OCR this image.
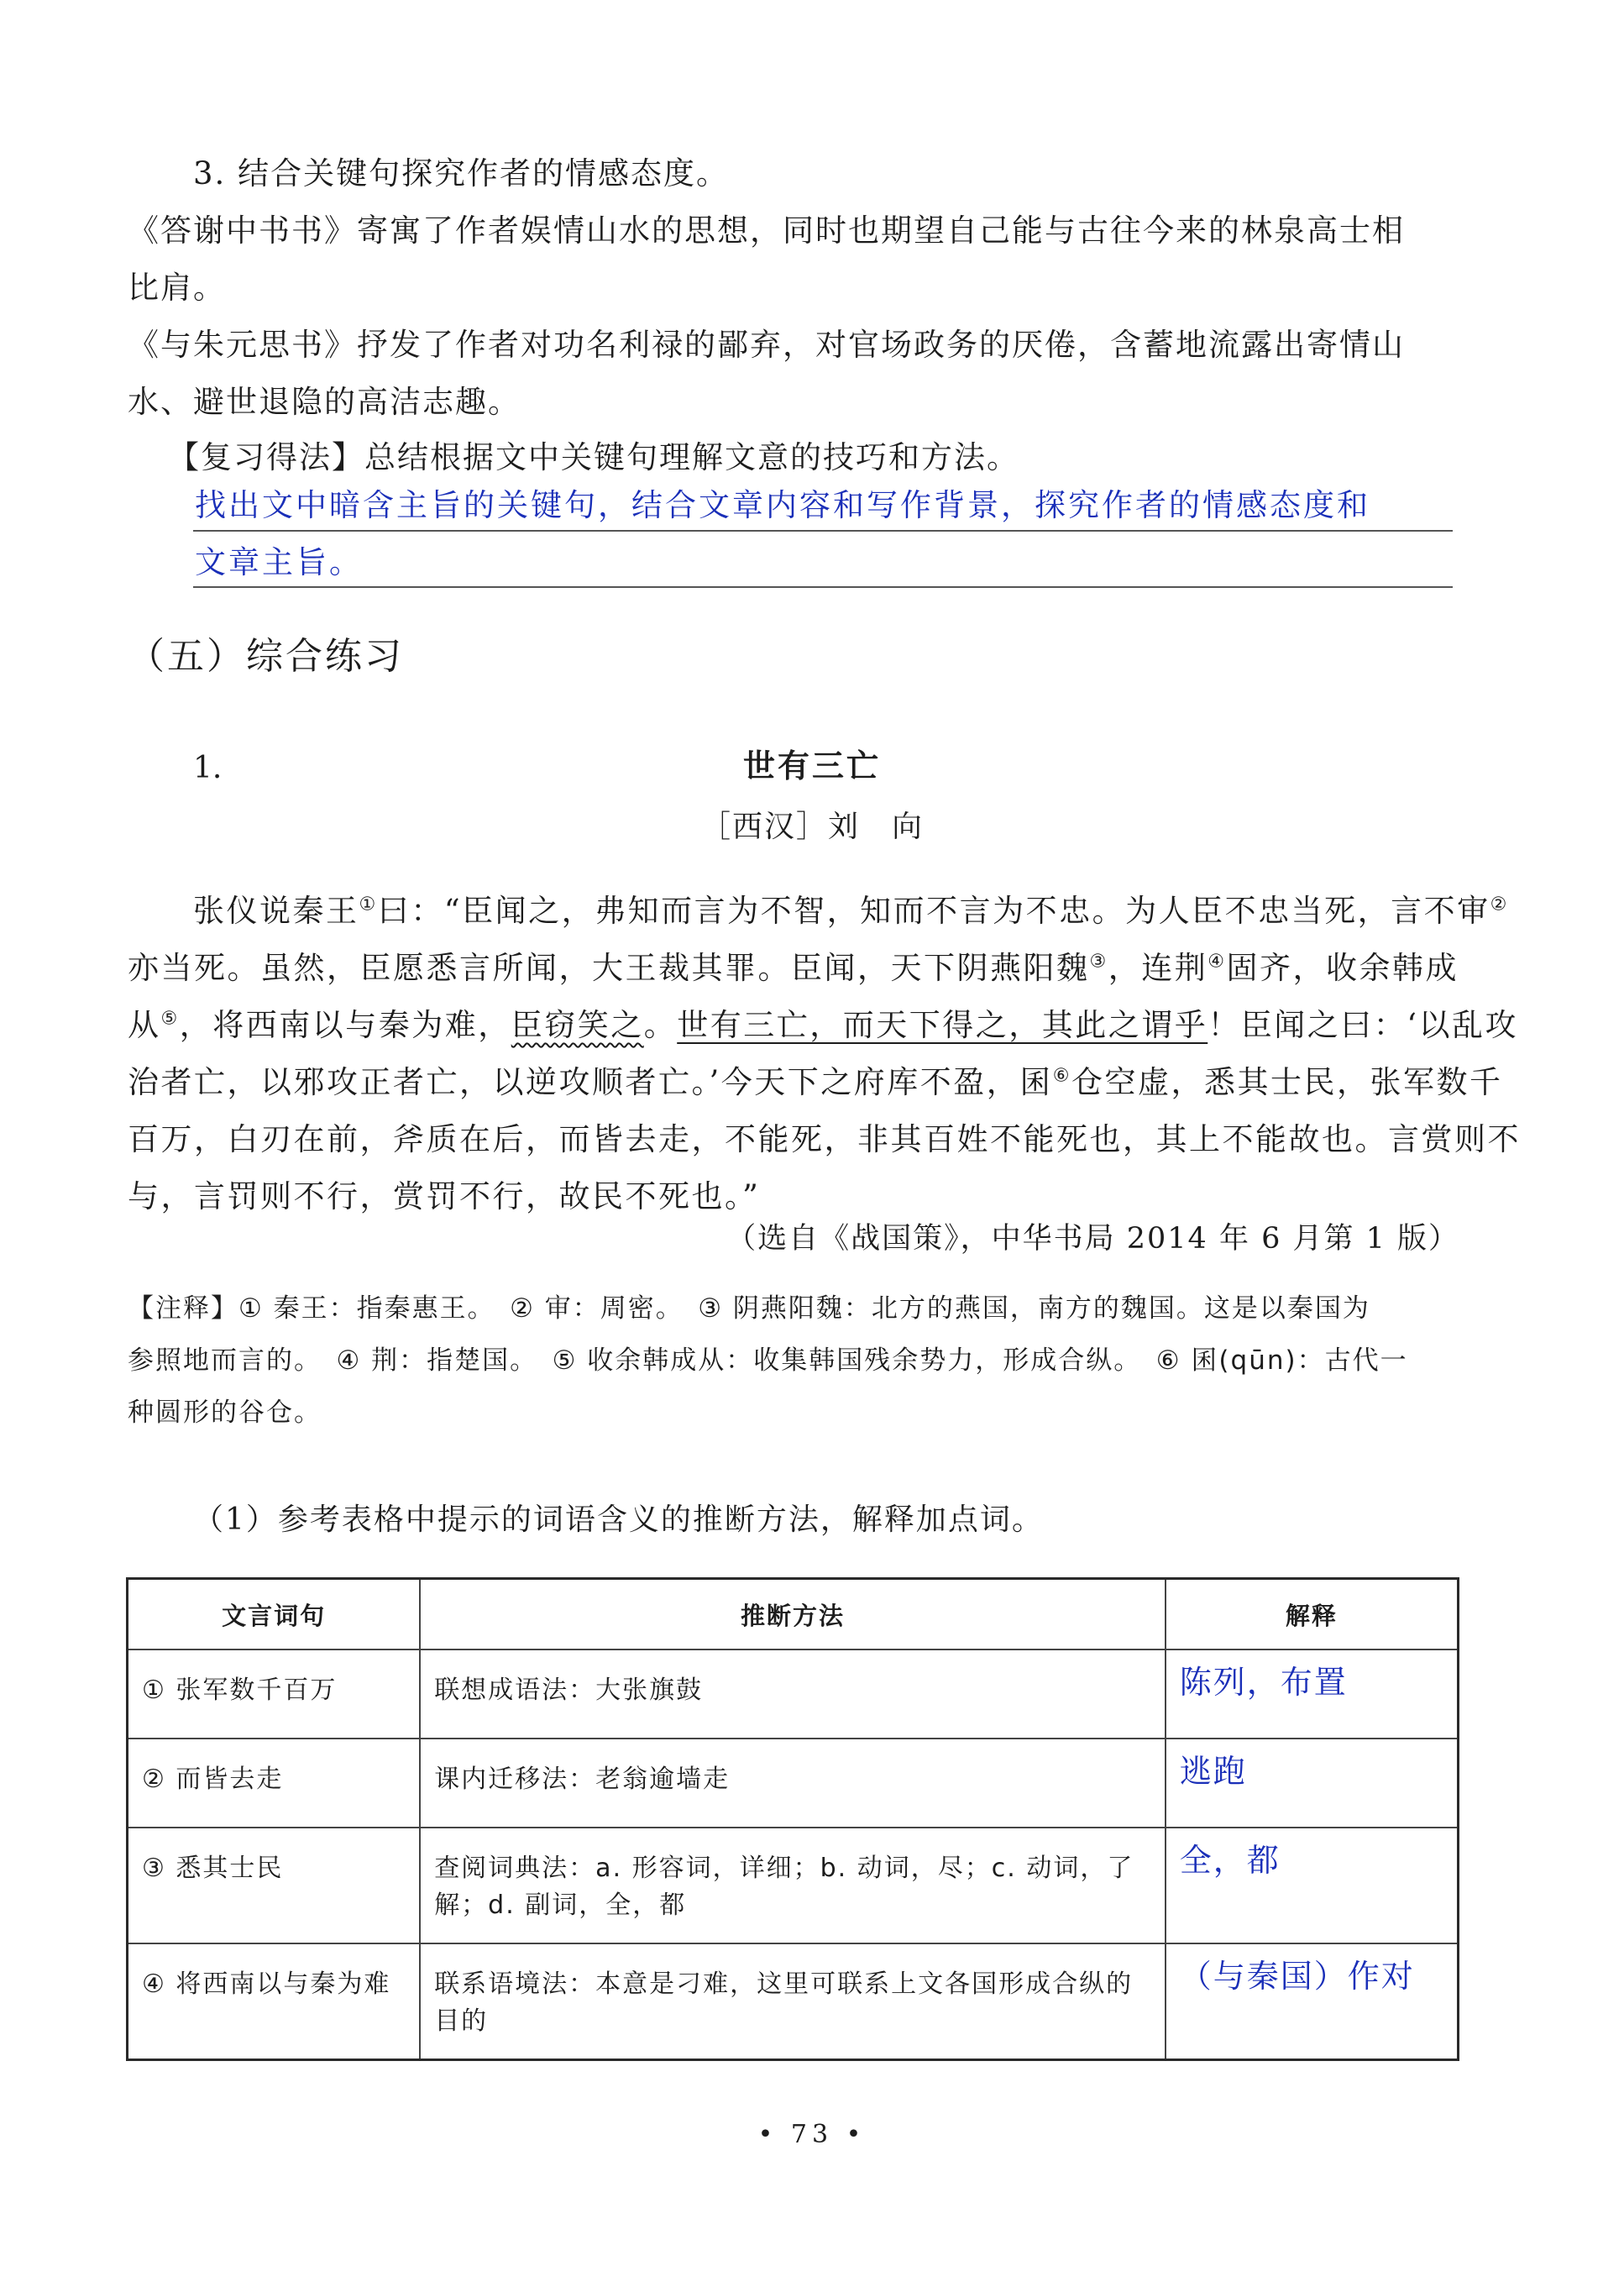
3. 结合关键句探究作者的情感态度。
《答谢中书书》寄寓了作者娱情山水的思想，同时也期望自己能与古往今来的林泉高士相
比肩。
《与朱元思书》抒发了作者对功名利禄的鄙弃，对官场政务的厌倦，含蓄地流露出寄情山
水、避世退隐的高洁志趣。
【复习得法】总结根据文中关键句理解文意的技巧和方法。
找出文中暗含主旨的关键句，结合文章内容和写作背景，探究作者的情感态度和
文章主旨。
（五）综合练习
1.	世有三亡
［西汉］刘　向
张仪说秦王①曰：“臣闻之，弗知而言为不智，知而不言为不忠。为人臣不忠当死，言不审②
亦当死。虽然，臣愿悉言所闻，大王裁其罪。臣闻，天下阴燕阳魏③，连荆④固齐，收余韩成
从⑤，将西南以与秦为难，臣窃笑之。世有三亡，而天下得之，其此之谓乎！臣闻之曰：‘以乱攻
治者亡，以邪攻正者亡，以逆攻顺者亡。’今天下之府库不盈，囷⑥仓空虚，悉其士民，张军数千
百万，白刃在前，斧质在后，而皆去走，不能死，非其百姓不能死也，其上不能故也。言赏则不
与，言罚则不行，赏罚不行，故民不死也。”
（选自《战国策》，中华书局 2014 年 6 月第 1 版）
【注释】① 秦王：指秦惠王。　② 审：周密。　③ 阴燕阳魏：北方的燕国，南方的魏国。这是以秦国为
参照地而言的。　④ 荆：指楚国。　⑤ 收余韩成从：收集韩国残余势力，形成合纵。　⑥ 囷(qūn)：古代一
种圆形的谷仓。
（1）参考表格中提示的词语含义的推断方法，解释加点词。
文言词句	推断方法	解释
① 张军数千百万	联想成语法：大张旗鼓	陈列，布置
② 而皆去走	课内迁移法：老翁逾墙走	逃跑
③ 悉其士民	查阅词典法：a. 形容词，详细；b. 动词，尽；c. 动词，了解；d. 副词，全，都	全，都
④ 将西南以与秦为难	联系语境法：本意是刁难，这里可联系上文各国形成合纵的目的	（与秦国）作对
• 73 •
